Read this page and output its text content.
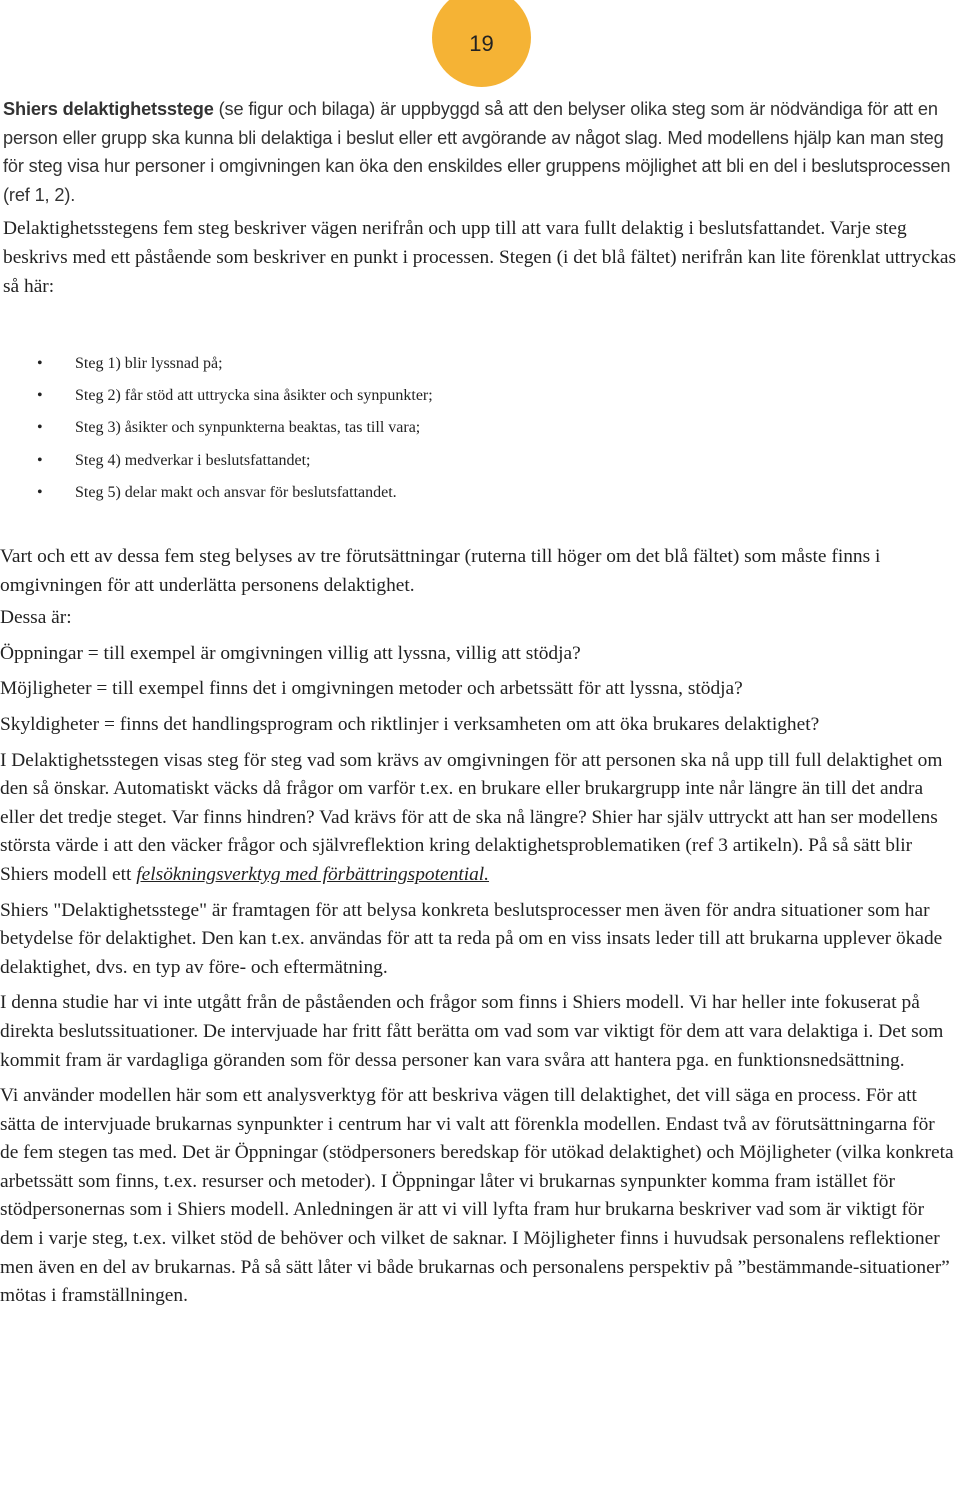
19

Shiers delaktighetsstege (se figur och bilaga) är uppbyggd så att den belyser olika steg som är nödvändiga för att en person eller grupp ska kunna bli delaktiga i beslut eller ett avgörande av något slag. Med modellens hjälp kan man steg för steg visa hur personer i omgivningen kan öka den enskildes eller gruppens möjlighet att bli en del i beslutsprocessen (ref 1, 2).

Delaktighetsstegens fem steg beskriver vägen nerifrån och upp till att vara fullt delaktig i beslutsfattandet. Varje steg beskrivs med ett påstående som beskriver en punkt i processen. Stegen (i det blå fältet) nerifrån kan lite förenklat uttryckas så här:

• Steg 1) blir lyssnad på;
• Steg 2) får stöd att uttrycka sina åsikter och synpunkter;
• Steg 3) åsikter och synpunkterna beaktas, tas till vara;
• Steg 4) medverkar i beslutsfattandet;
• Steg 5) delar makt och ansvar för beslutsfattandet.

Vart och ett av dessa fem steg belyses av tre förutsättningar (ruterna till höger om det blå fältet) som måste finns i omgivningen för att underlätta personens delaktighet.

Dessa är:

Öppningar = till exempel är omgivningen villig att lyssna, villig att stödja?

Möjligheter = till exempel finns det i omgivningen metoder och arbetssätt för att lyssna, stödja?

Skyldigheter = finns det handlingsprogram och riktlinjer i verksamheten om att öka brukares delaktighet?

I Delaktighetsstegen visas steg för steg vad som krävs av omgivningen för att personen ska nå upp till full delaktighet om den så önskar. Automatiskt väcks då frågor om varför t.ex. en brukare eller brukargrupp inte når längre än till det andra eller det tredje steget. Var finns hindren? Vad krävs för att de ska nå längre? Shier har själv uttryckt att han ser modellens största värde i att den väcker frågor och självreflektion kring delaktighetsproblematiken (ref 3 artikeln). På så sätt blir Shiers modell ett felsökningsverktyg med förbättringspotential.

Shiers "Delaktighetsstege" är framtagen för att belysa konkreta beslutsprocesser men även för andra situationer som har betydelse för delaktighet. Den kan t.ex. användas för att ta reda på om en viss insats leder till att brukarna upplever ökade delaktighet, dvs. en typ av före- och eftermätning.

I denna studie har vi inte utgått från de påståenden och frågor som finns i Shiers modell. Vi har heller inte fokuserat på direkta beslutssituationer. De intervjuade har fritt fått berätta om vad som var viktigt för dem att vara delaktiga i. Det som kommit fram är vardagliga göranden som för dessa personer kan vara svåra att hantera pga. en funktionsnedsättning.

Vi använder modellen här som ett analysverktyg för att beskriva vägen till delaktighet, det vill säga en process. För att sätta de intervjuade brukarnas synpunkter i centrum har vi valt att förenkla modellen. Endast två av förutsättningarna för de fem stegen tas med. Det är Öppningar (stödpersoners beredskap för utökad delaktighet) och Möjligheter (vilka konkreta arbetssätt som finns, t.ex. resurser och metoder). I Öppningar låter vi brukarnas synpunkter komma fram istället för stödpersonernas som i Shiers modell. Anledningen är att vi vill lyfta fram hur brukarna beskriver vad som är viktigt för dem i varje steg, t.ex. vilket stöd de behöver och vilket de saknar. I Möjligheter finns i huvudsak personalens reflektioner men även en del av brukarnas. På så sätt låter vi både brukarnas och personalens perspektiv på ”bestämmande-situationer” mötas i framställningen.
